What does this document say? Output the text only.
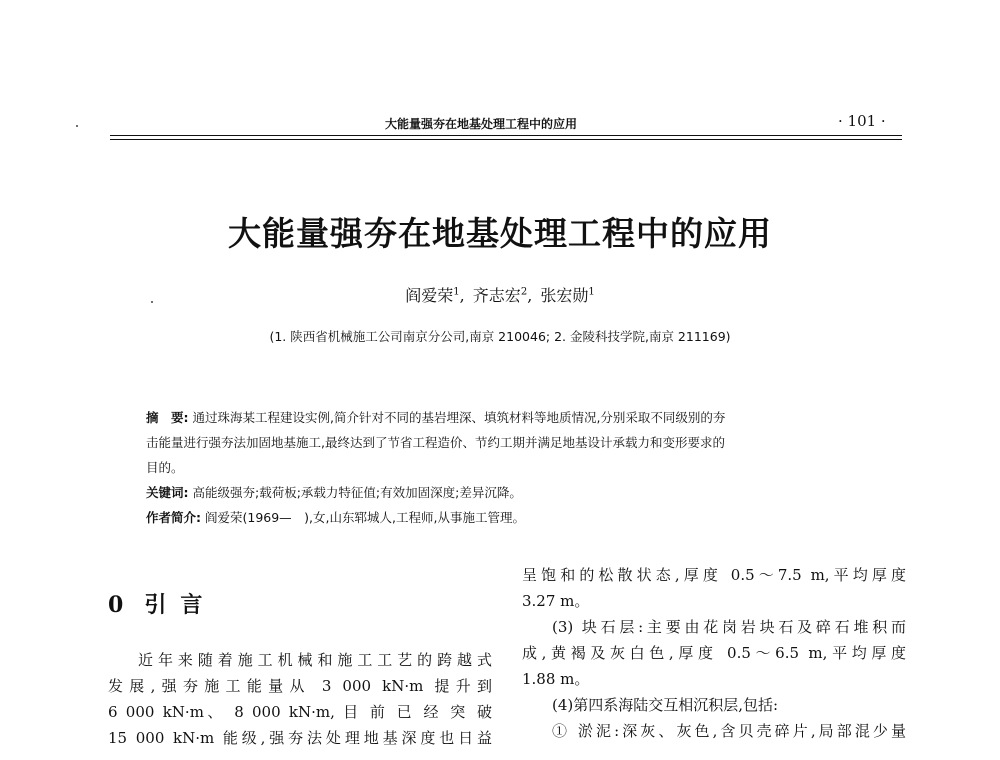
大能量强夯在地基处理工程中的应用	· 101 ·
大能量强夯在地基处理工程中的应用
阎爱荣$^1$, 齐志宏$^2$, 张宏勋$^1$
(1. 陕西省机械施工公司南京分公司,南京 210046; 2. 金陵科技学院,南京 211169)
摘　要: 通过珠海某工程建设实例,简介针对不同的基岩埋深、填筑材料等地质情况,分别采取不同级别的夯
击能量进行强夯法加固地基施工,最终达到了节省工程造价、节约工期并满足地基设计承载力和变形要求的
目的。
关键词: 高能级强夯;载荷板;承载力特征值;有效加固深度;差异沉降。
作者简介: 阎爱荣(1969—　),女,山东郓城人,工程师,从事施工管理。
0 引言
近年来随着施工机械和施工工艺的跨越式
发展,强夯施工能量从 3 000 kN·m 提升到
6 000 kN·m、 8 000 kN·m, 目 前 已 经 突 破
15 000 kN·m 能级,强夯法处理地基深度也日益
呈饱和的松散状态,厚度 0.5～7.5 m,平均厚度
3.27 m。
(3) 块石层:主要由花岗岩块石及碎石堆积而
成,黄褐及灰白色,厚度 0.5～6.5 m,平均厚度
1.88 m。
(4)第四系海陆交互相沉积层,包括:
① 淤泥:深灰、灰色,含贝壳碎片,局部混少量
